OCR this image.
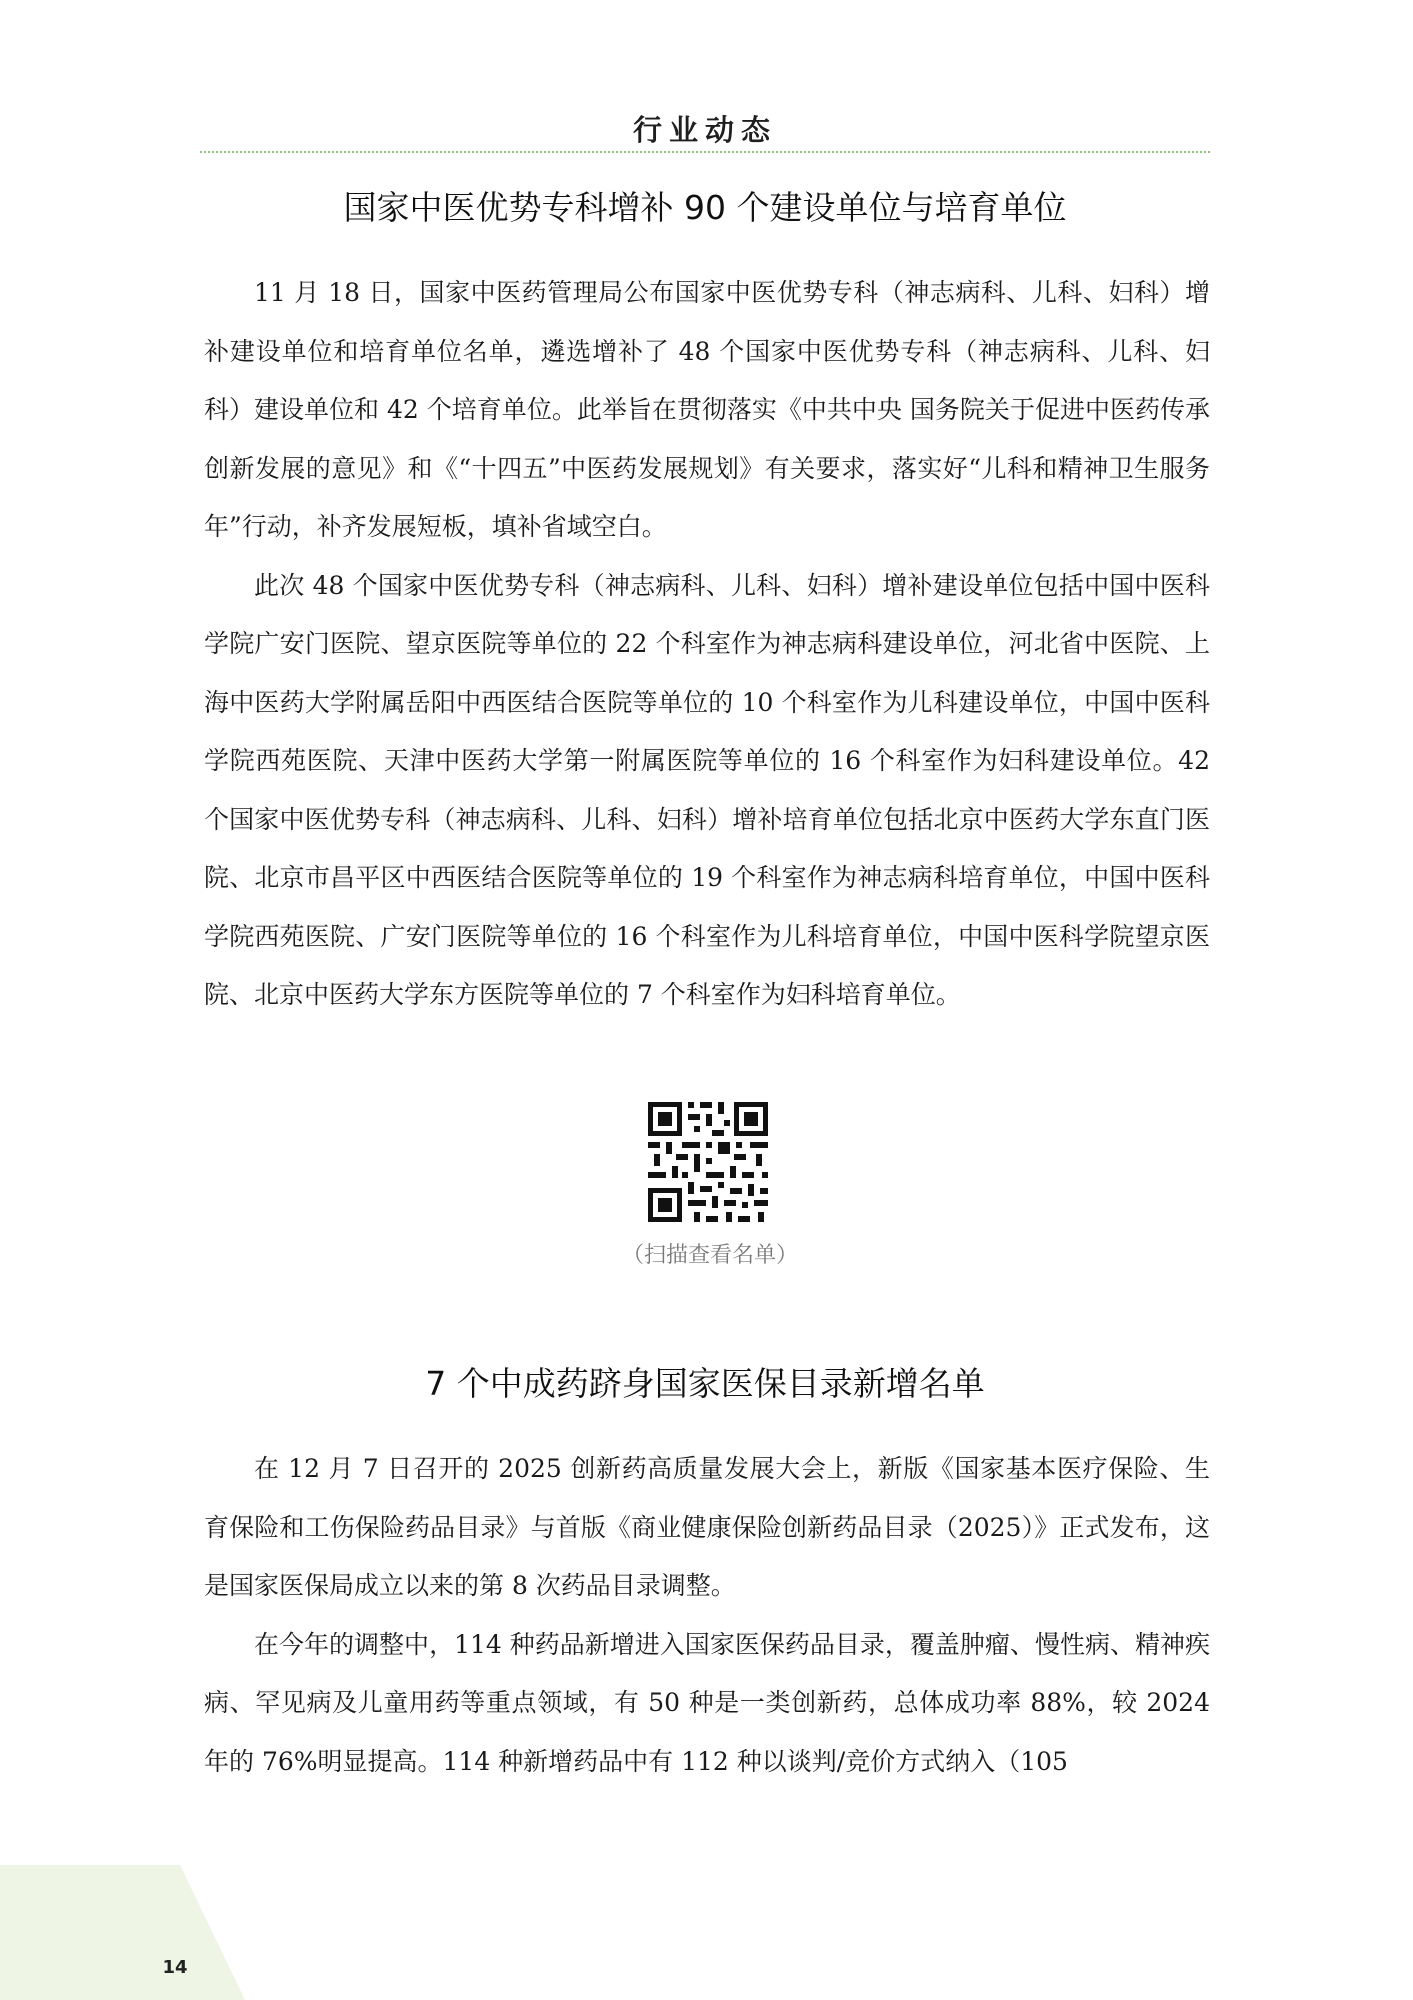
行业动态
国家中医优势专科增补 90 个建设单位与培育单位

11 月 18 日，国家中医药管理局公布国家中医优势专科（神志病科、儿科、妇科）增补建设单位和培育单位名单，遴选增补了 48 个国家中医优势专科（神志病科、儿科、妇科）建设单位和 42 个培育单位。此举旨在贯彻落实《中共中央 国务院关于促进中医药传承创新发展的意见》和《“十四五”中医药发展规划》有关要求，落实好“儿科和精神卫生服务年”行动，补齐发展短板，填补省域空白。

此次 48 个国家中医优势专科（神志病科、儿科、妇科）增补建设单位包括中国中医科学院广安门医院、望京医院等单位的 22 个科室作为神志病科建设单位，河北省中医院、上海中医药大学附属岳阳中西医结合医院等单位的 10 个科室作为儿科建设单位，中国中医科学院西苑医院、天津中医药大学第一附属医院等单位的 16 个科室作为妇科建设单位。42 个国家中医优势专科（神志病科、儿科、妇科）增补培育单位包括北京中医药大学东直门医院、北京市昌平区中西医结合医院等单位的 19 个科室作为神志病科培育单位，中国中医科学院西苑医院、广安门医院等单位的 16 个科室作为儿科培育单位，中国中医科学院望京医院、北京中医药大学东方医院等单位的 7 个科室作为妇科培育单位。

（扫描查看名单）
7 个中成药跻身国家医保目录新增名单

在 12 月 7 日召开的 2025 创新药高质量发展大会上，新版《国家基本医疗保险、生育保险和工伤保险药品目录》与首版《商业健康保险创新药品目录（2025）》正式发布，这是国家医保局成立以来的第 8 次药品目录调整。

在今年的调整中，114 种药品新增进入国家医保药品目录，覆盖肿瘤、慢性病、精神疾病、罕见病及儿童用药等重点领域，有 50 种是一类创新药，总体成功率 88%，较 2024 年的 76%明显提高。114 种新增药品中有 112 种以谈判/竞价方式纳入（105

14
